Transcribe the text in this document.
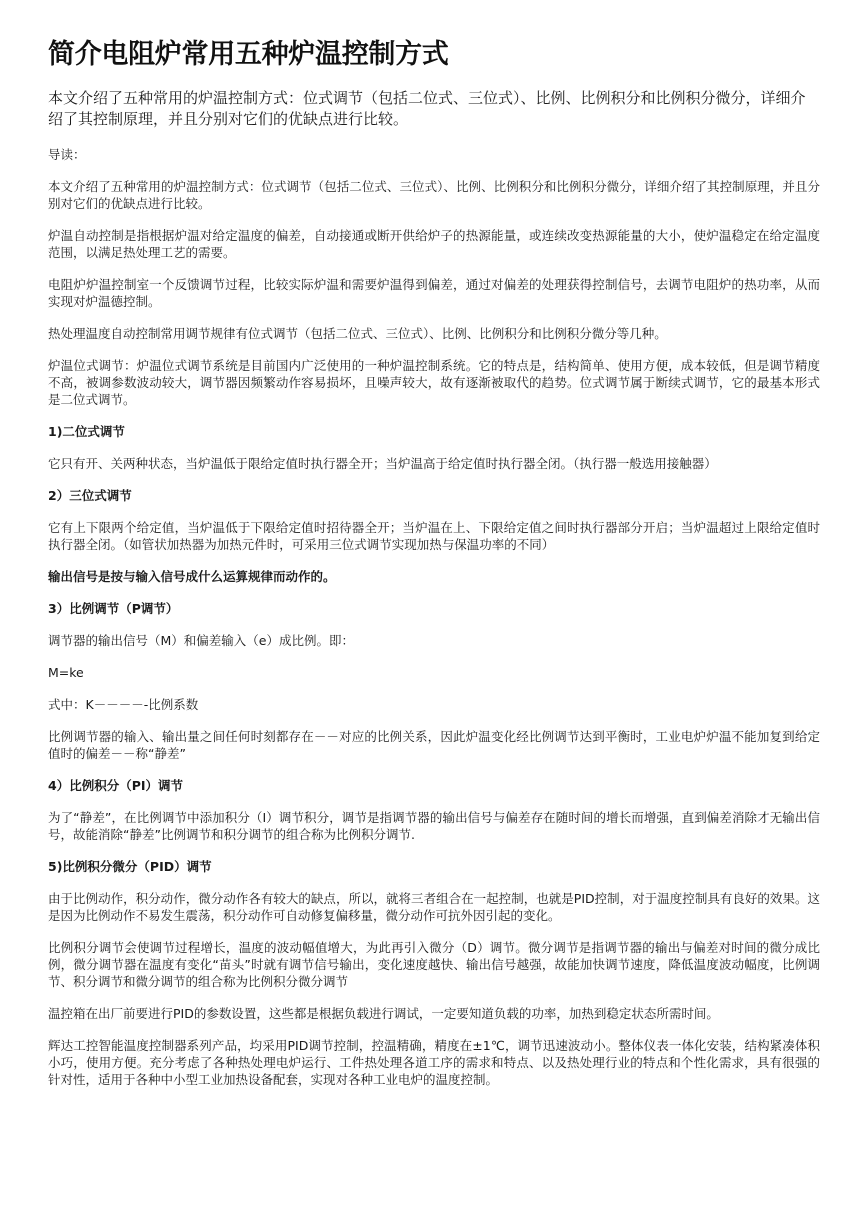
简介电阻炉常用五种炉温控制方式

本文介绍了五种常用的炉温控制方式：位式调节（包括二位式、三位式）、比例、比例积分和比例积分微分，详细介绍了其控制原理，并且分别对它们的优缺点进行比较。

导读：

本文介绍了五种常用的炉温控制方式：位式调节（包括二位式、三位式）、比例、比例积分和比例积分微分，详细介绍了其控制原理，并且分别对它们的优缺点进行比较。

炉温自动控制是指根据炉温对给定温度的偏差，自动接通或断开供给炉子的热源能量，或连续改变热源能量的大小，使炉温稳定在给定温度范围，以满足热处理工艺的需要。

电阻炉炉温控制室一个反馈调节过程，比较实际炉温和需要炉温得到偏差，通过对偏差的处理获得控制信号，去调节电阻炉的热功率，从而实现对炉温德控制。

热处理温度自动控制常用调节规律有位式调节（包括二位式、三位式）、比例、比例积分和比例积分微分等几种。

炉温位式调节：炉温位式调节系统是目前国内广泛使用的一种炉温控制系统。它的特点是，结构简单、使用方便，成本较低，但是调节精度不高，被调参数波动较大，调节器因频繁动作容易损坏，且噪声较大，故有逐渐被取代的趋势。位式调节属于断续式调节，它的最基本形式是二位式调节。

1)二位式调节

它只有开、关两种状态，当炉温低于限给定值时执行器全开；当炉温高于给定值时执行器全闭。（执行器一般选用接触器）

2）三位式调节

它有上下限两个给定值，当炉温低于下限给定值时招待器全开；当炉温在上、下限给定值之间时执行器部分开启；当炉温超过上限给定值时执行器全闭。（如管状加热器为加热元件时，可采用三位式调节实现加热与保温功率的不同）

输出信号是按与输入信号成什么运算规律而动作的。

3）比例调节（P调节）

调节器的输出信号（M）和偏差输入（e）成比例。即：

M=ke

式中：K－－－－-比例系数

比例调节器的输入、输出量之间任何时刻都存在－－对应的比例关系，因此炉温变化经比例调节达到平衡时，工业电炉炉温不能加复到给定值时的偏差－－称“静差”

4）比例积分（PI）调节

为了“静差”，在比例调节中添加积分（I）调节积分，调节是指调节器的输出信号与偏差存在随时间的增长而增强，直到偏差消除才无输出信号，故能消除“静差”比例调节和积分调节的组合称为比例积分调节.

5)比例积分微分（PID）调节

由于比例动作，积分动作，微分动作各有较大的缺点，所以，就将三者组合在一起控制，也就是PID控制，对于温度控制具有良好的效果。这是因为比例动作不易发生震荡，积分动作可自动修复偏移量，微分动作可抗外因引起的变化。

比例积分调节会使调节过程增长，温度的波动幅值增大，为此再引入微分（D）调节。微分调节是指调节器的输出与偏差对时间的微分成比例，微分调节器在温度有变化“苗头”时就有调节信号输出，变化速度越快、输出信号越强，故能加快调节速度，降低温度波动幅度，比例调节、积分调节和微分调节的组合称为比例积分微分调节

温控箱在出厂前要进行PID的参数设置，这些都是根据负载进行调试，一定要知道负载的功率，加热到稳定状态所需时间。

辉达工控智能温度控制器系列产品，均采用PID调节控制，控温精确，精度在±1℃，调节迅速波动小。整体仪表一体化安装，结构紧凑体积小巧，使用方便。充分考虑了各种热处理电炉运行、工件热处理各道工序的需求和特点、以及热处理行业的特点和个性化需求，具有很强的针对性，适用于各种中小型工业加热设备配套，实现对各种工业电炉的温度控制。
